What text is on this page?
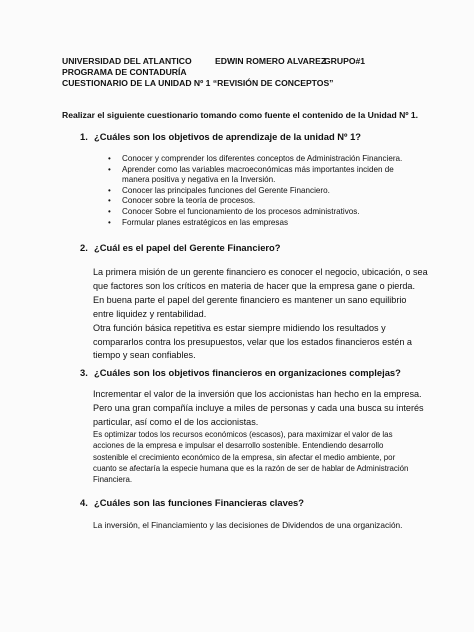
UNIVERSIDAD DEL ATLANTICO	EDWIN ROMERO ALVAREZ
GRUPO#1
PROGRAMA DE CONTADURÍA
CUESTIONARIO DE LA UNIDAD Nº 1 “REVISIÓN DE CONCEPTOS”
Realizar el siguiente cuestionario tomando como fuente el contenido de la Unidad Nº 1.
1. ¿Cuáles son los objetivos de aprendizaje de la unidad Nº 1?
• Conocer y comprender los diferentes conceptos de Administración Financiera.
• Aprender como las variables macroeconómicas más importantes inciden de
manera positiva y negativa en la Inversión.
• Conocer las principales funciones del Gerente Financiero.
• Conocer sobre la teoría de procesos.
• Conocer Sobre el funcionamiento de los procesos administrativos.
• Formular planes estratégicos en las empresas
2. ¿Cuál es el papel del Gerente Financiero?
La primera misión de un gerente financiero es conocer el negocio, ubicación, o sea
que factores son los críticos en materia de hacer que la empresa gane o pierda.
En buena parte el papel del gerente financiero es mantener un sano equilibrio
entre liquidez y rentabilidad.
Otra función básica repetitiva es estar siempre midiendo los resultados y
compararlos contra los presupuestos, velar que los estados financieros estén a
tiempo y sean confiables.
3. ¿Cuáles son los objetivos financieros en organizaciones complejas?
Incrementar el valor de la inversión que los accionistas han hecho en la empresa.
Pero una gran compañía incluye a miles de personas y cada una busca su interés
particular, así como el de los accionistas.
Es optimizar todos los recursos económicos (escasos), para maximizar el valor de las
acciones de la empresa e impulsar el desarrollo sostenible. Entendiendo desarrollo
sostenible el crecimiento económico de la empresa, sin afectar el medio ambiente, por
cuanto se afectaría la especie humana que es la razón de ser de hablar de Administración
Financiera.
4. ¿Cuáles son las funciones Financieras claves?
La inversión, el Financiamiento y las decisiones de Dividendos de una organización.
